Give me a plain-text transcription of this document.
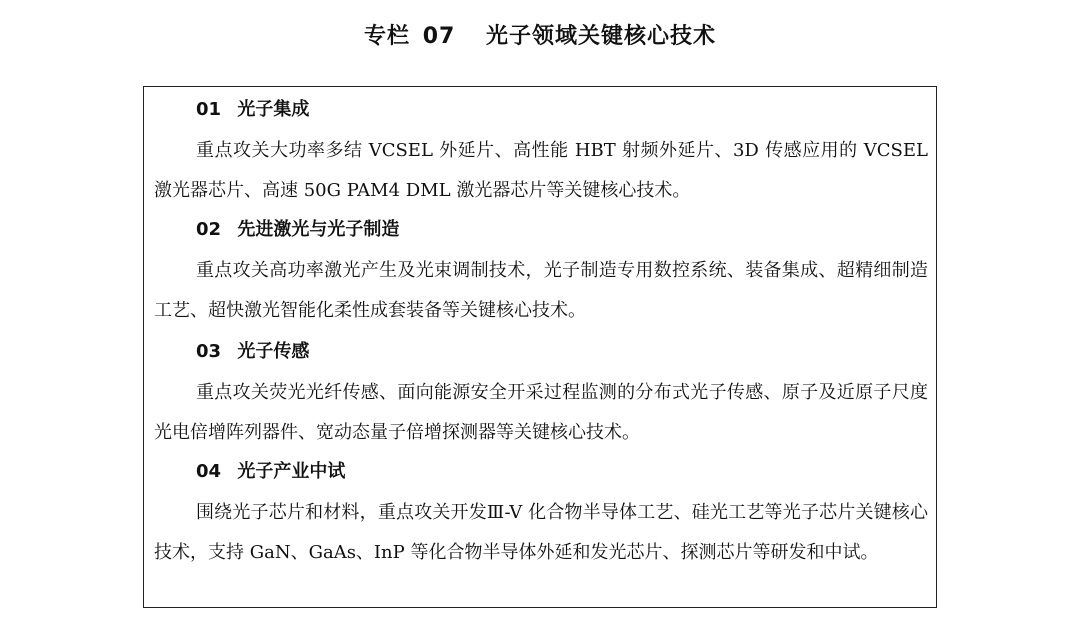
专栏 07 光子领域关键核心技术
01 光子集成

重点攻关大功率多结 VCSEL 外延片、高性能 HBT 射频外延片、3D 传感应用的 VCSEL 激光器芯片、高速 50G PAM4 DML 激光器芯片等关键核心技术。

02 先进激光与光子制造

重点攻关高功率激光产生及光束调制技术，光子制造专用数控系统、装备集成、超精细制造工艺、超快激光智能化柔性成套装备等关键核心技术。

03 光子传感

重点攻关荧光光纤传感、面向能源安全开采过程监测的分布式光子传感、原子及近原子尺度光电倍增阵列器件、宽动态量子倍增探测器等关键核心技术。

04 光子产业中试

围绕光子芯片和材料，重点攻关开发Ⅲ-V 化合物半导体工艺、硅光工艺等光子芯片关键核心技术，支持 GaN、GaAs、InP 等化合物半导体外延和发光芯片、探测芯片等研发和中试。
